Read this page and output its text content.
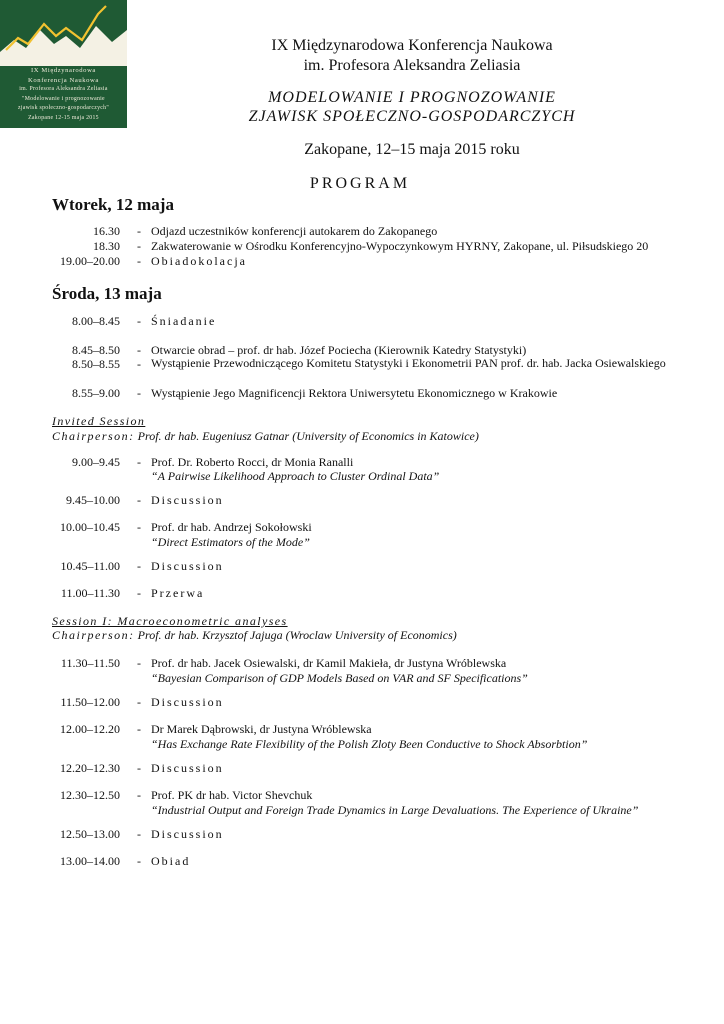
IX Międzynarodowa
Konferencja Naukowa
im. Profesora Aleksandra Zeliasia
"Modelowanie i prognozowanie
zjawisk społeczno-gospodarczych"
Zakopane 12-15 maja 2015
IX Międzynarodowa Konferencja Naukowa
im. Profesora Aleksandra Zeliasia
MODELOWANIE I PROGNOZOWANIE
ZJAWISK SPOŁECZNO-GOSPODARCZYCH
Zakopane, 12–15 maja 2015 roku
PROGRAM
Wtorek, 12 maja
16.30 - Odjazd uczestników konferencji autokarem do Zakopanego
18.30 - Zakwaterowanie w Ośrodku Konferencyjno-Wypoczynkowym HYRNY, Zakopane, ul. Piłsudskiego 20
19.00–20.00 - Obiadokolacja
Środa, 13 maja
8.00–8.45 - Śniadanie
8.45–8.50 - Otwarcie obrad – prof. dr hab. Józef Pociecha (Kierownik Katedry Statystyki)
8.50–8.55 - Wystąpienie Przewodniczącego Komitetu Statystyki i Ekonometrii PAN prof. dr. hab. Jacka Osiewalskiego
8.55–9.00 - Wystąpienie Jego Magnificencji Rektora Uniwersytetu Ekonomicznego w Krakowie
Invited Session
Chairperson: Prof. dr hab. Eugeniusz Gatnar (University of Economics in Katowice)
9.00–9.45 - Prof. Dr. Roberto Rocci, dr Monia Ranalli
“A Pairwise Likelihood Approach to Cluster Ordinal Data”
9.45–10.00 - Discussion
10.00–10.45 - Prof. dr hab. Andrzej Sokołowski
“Direct Estimators of the Mode”
10.45–11.00 - Discussion
11.00–11.30 - Przerwa
Session I: Macroeconometric analyses
Chairperson: Prof. dr hab. Krzysztof Jajuga (Wroclaw University of Economics)
11.30–11.50 - Prof. dr hab. Jacek Osiewalski, dr Kamil Makieła, dr Justyna Wróblewska
“Bayesian Comparison of GDP Models Based on VAR and SF Specifications”
11.50–12.00 - Discussion
12.00–12.20 - Dr Marek Dąbrowski, dr Justyna Wróblewska
“Has Exchange Rate Flexibility of the Polish Zloty Been Conductive to Shock Absorbtion”
12.20–12.30 - Discussion
12.30–12.50 - Prof. PK dr hab. Victor Shevchuk
“Industrial Output and Foreign Trade Dynamics in Large Devaluations. The Experience of Ukraine”
12.50–13.00 - Discussion
13.00–14.00 - Obiad
